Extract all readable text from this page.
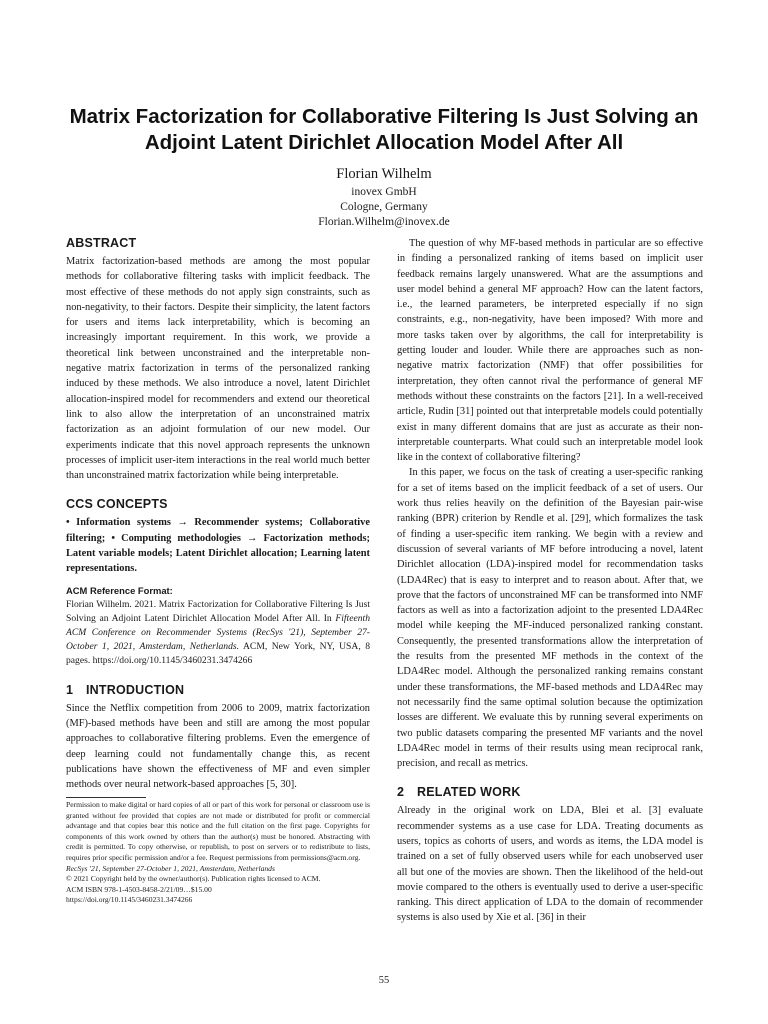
Matrix Factorization for Collaborative Filtering Is Just Solving an Adjoint Latent Dirichlet Allocation Model After All
Florian Wilhelm
inovex GmbH
Cologne, Germany
Florian.Wilhelm@inovex.de
ABSTRACT

Matrix factorization-based methods are among the most popular methods for collaborative filtering tasks with implicit feedback. The most effective of these methods do not apply sign constraints, such as non-negativity, to their factors. Despite their simplicity, the latent factors for users and items lack interpretability, which is becoming an increasingly important requirement. In this work, we provide a theoretical link between unconstrained and the interpretable non-negative matrix factorization in terms of the personalized ranking induced by these methods. We also introduce a novel, latent Dirichlet allocation-inspired model for recommenders and extend our theoretical link to also allow the interpretation of an unconstrained matrix factorization as an adjoint formulation of our new model. Our experiments indicate that this novel approach represents the unknown processes of implicit user-item interactions in the real world much better than unconstrained matrix factorization while being interpretable.

CCS CONCEPTS

• Information systems → Recommender systems; Collaborative filtering; • Computing methodologies → Factorization methods; Latent variable models; Latent Dirichlet allocation; Learning latent representations.

ACM Reference Format:

Florian Wilhelm. 2021. Matrix Factorization for Collaborative Filtering Is Just Solving an Adjoint Latent Dirichlet Allocation Model After All. In Fifteenth ACM Conference on Recommender Systems (RecSys '21), September 27-October 1, 2021, Amsterdam, Netherlands. ACM, New York, NY, USA, 8 pages. https://doi.org/10.1145/3460231.3474266

1 INTRODUCTION

Since the Netflix competition from 2006 to 2009, matrix factorization (MF)-based methods have been and still are among the most popular approaches to collaborative filtering problems. Even the emergence of deep learning could not fundamentally change this, as recent publications have shown the effectiveness of MF and even simpler methods over neural network-based approaches [5, 30].

Permission to make digital or hard copies of all or part of this work for personal or classroom use is granted without fee provided that copies are not made or distributed for profit or commercial advantage and that copies bear this notice and the full citation on the first page. Copyrights for components of this work owned by others than the author(s) must be honored. Abstracting with credit is permitted. To copy otherwise, or republish, to post on servers or to redistribute to lists, requires prior specific permission and/or a fee. Request permissions from permissions@acm.org.

RecSys '21, September 27-October 1, 2021, Amsterdam, Netherlands

© 2021 Copyright held by the owner/author(s). Publication rights licensed to ACM.

ACM ISBN 978-1-4503-8458-2/21/09…$15.00

https://doi.org/10.1145/3460231.3474266

The question of why MF-based methods in particular are so effective in finding a personalized ranking of items based on implicit user feedback remains largely unanswered. What are the assumptions and user model behind a general MF approach? How can the latent factors, i.e., the learned parameters, be interpreted especially if no sign constraints, e.g., non-negativity, have been imposed? With more and more tasks taken over by algorithms, the call for interpretability is getting louder and louder. While there are approaches such as non-negative matrix factorization (NMF) that offer possibilities for interpretation, they often cannot rival the performance of general MF methods without these constraints on the factors [21]. In a well-received article, Rudin [31] pointed out that interpretable models could potentially exist in many different domains that are just as accurate as their non-interpretable counterparts. What could such an interpretable model look like in the context of collaborative filtering?

In this paper, we focus on the task of creating a user-specific ranking for a set of items based on the implicit feedback of a set of users. Our work thus relies heavily on the definition of the Bayesian pair-wise ranking (BPR) criterion by Rendle et al. [29], which formalizes the task of finding a user-specific item ranking. We begin with a review and discussion of several variants of MF before introducing a novel, latent Dirichlet allocation (LDA)-inspired model for recommendation tasks (LDA4Rec) that is easy to interpret and to reason about. After that, we prove that the factors of unconstrained MF can be transformed into NMF factors as well as into a factorization adjoint to the presented LDA4Rec model while keeping the MF-induced personalized ranking constant. Consequently, the presented transformations allow the interpretation of the results from the presented MF methods in the context of the LDA4Rec model. Although the personalized ranking remains constant under these transformations, the MF-based methods and LDA4Rec may not necessarily find the same optimal solution because the optimization losses are different. We evaluate this by running several experiments on two public datasets comparing the presented MF variants and the novel LDA4Rec model in terms of their results using mean reciprocal rank, precision, and recall as metrics.

2 RELATED WORK

Already in the original work on LDA, Blei et al. [3] evaluate recommender systems as a use case for LDA. Treating documents as users, topics as cohorts of users, and words as items, the LDA model is trained on a set of fully observed users while for each unobserved user all but one of the movies are shown. Then the likelihood of the held-out movie compared to the others is eventually used to derive a user-specific ranking. This direct application of LDA to the domain of recommender systems is also used by Xie et al. [36] in their

55
